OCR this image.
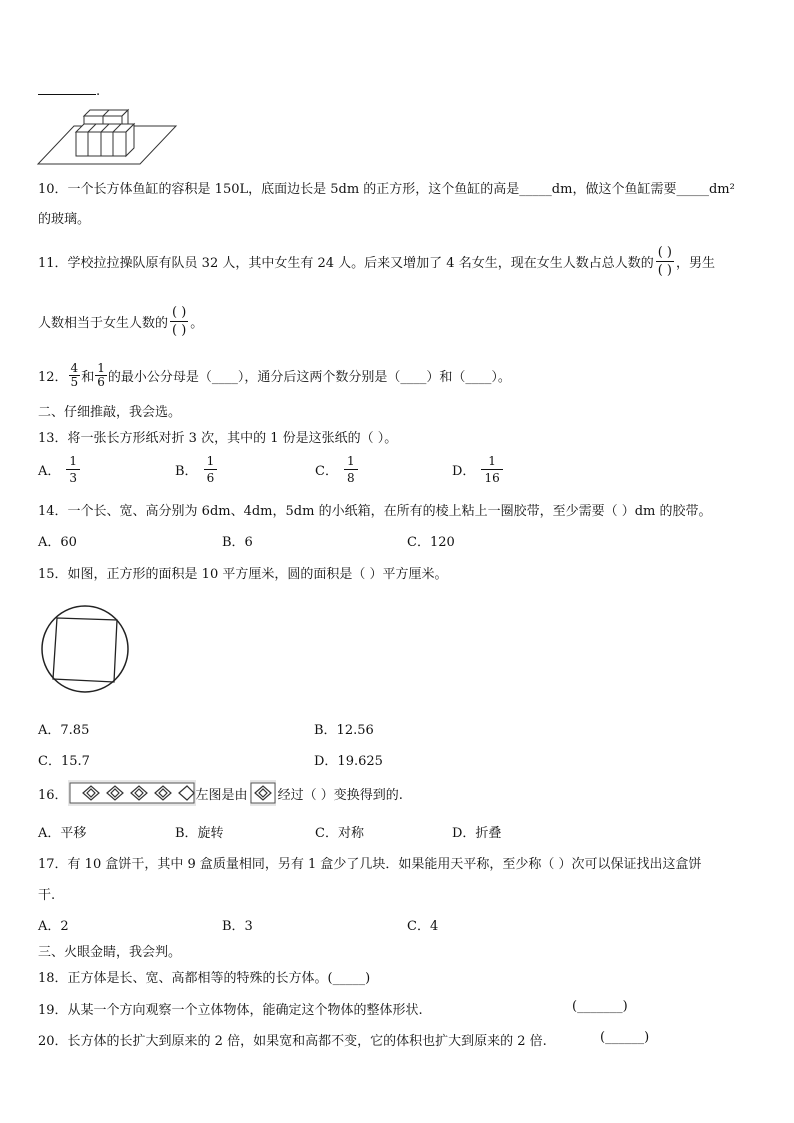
.
10．一个长方体鱼缸的容积是 150L，底面边长是 5dm 的正方形，这个鱼缸的高是_____dm，做这个鱼缸需要_____dm²
的玻璃。
11．学校拉拉操队原有队员 32 人，其中女生有 24 人。后来又增加了 4 名女生，现在女生人数占总人数的
( )
( ) ，男生
人数相当于女生人数的
( )
( ) 。
12． $\frac{4}{5}$ 和 $\frac{1}{6}$ 的最小公分母是（____），通分后这两个数分别是（____）和（____）。
二、仔细推敲，我会选。
13．将一张长方形纸对折 3 次，其中的 1 份是这张纸的（ ）。
A．
1
3	B．
1
6	C．
1
8	D．
1
16
14．一个长、宽、高分别为 6dm、4dm，5dm 的小纸箱，在所有的棱上粘上一圈胶带，至少需要（ ）dm 的胶带。
A．60	B．6	C．120
15．如图，正方形的面积是 10 平方厘米，圆的面积是（ ）平方厘米。
A．7.85	B．12.56
C．15.7	D．19.625
16．	左图是由 经过（ ）变换得到的.
A．平移	B．旋转	C．对称	D．折叠
17．有 10 盒饼干，其中 9 盒质量相同，另有 1 盒少了几块．如果能用天平称，至少称（ ）次可以保证找出这盒饼
干.
A．2	B．3	C．4
三、火眼金睛，我会判。
18．正方体是长、宽、高都相等的特殊的长方体。(_____)
19．从某一个方向观察一个立体物体，能确定这个物体的整体形状.	(_______)
20．长方体的长扩大到原来的 2 倍，如果宽和高都不变，它的体积也扩大到原来的 2 倍.	(______)
